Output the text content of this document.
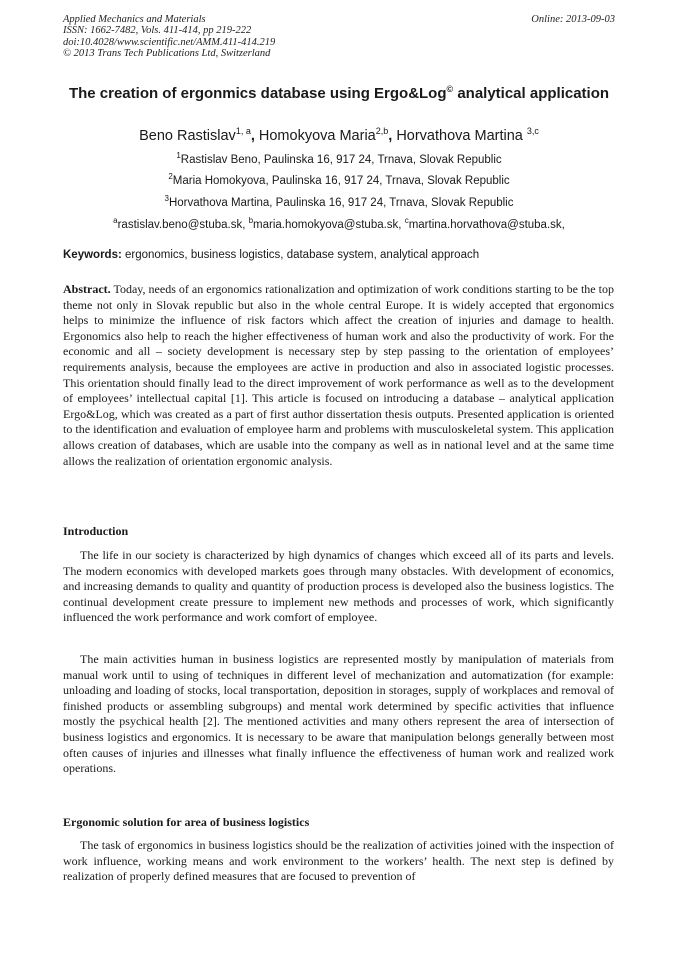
Applied Mechanics and Materials
ISSN: 1662-7482, Vols. 411-414, pp 219-222
doi:10.4028/www.scientific.net/AMM.411-414.219
© 2013 Trans Tech Publications Ltd, Switzerland
Online: 2013-09-03
The creation of ergonmics database using Ergo&Log© analytical application
Beno Rastislav$^{1, a}$, Homokyova Maria$^{2,b}$, Horvathova Martina $^{3,c}$
$^1$Rastislav Beno, Paulinska 16, 917 24, Trnava, Slovak Republic
$^2$Maria Homokyova, Paulinska 16, 917 24, Trnava, Slovak Republic
$^3$Horvathova Martina, Paulinska 16, 917 24, Trnava, Slovak Republic
$^a$rastislav.beno@stuba.sk, $^b$maria.homokyova@stuba.sk, $^c$martina.horvathova@stuba.sk,
Keywords: ergonomics, business logistics, database system, analytical approach
Abstract. Today, needs of an ergonomics rationalization and optimization of work conditions starting to be the top theme not only in Slovak republic but also in the whole central Europe. It is widely accepted that ergonomics helps to minimize the influence of risk factors which affect the creation of injuries and damage to health. Ergonomics also help to reach the higher effectiveness of human work and also the productivity of work. For the economic and all – society development is necessary step by step passing to the orientation of employees’ requirements analysis, because the employees are active in production and also in associated logistic processes. This orientation should finally lead to the direct improvement of work performance as well as to the development of employees’ intellectual capital [1]. This article is focused on introducing a database – analytical application Ergo&Log, which was created as a part of first author dissertation thesis outputs. Presented application is oriented to the identification and evaluation of employee harm and problems with musculoskeletal system. This application allows creation of databases, which are usable into the company as well as in national level and at the same time allows the realization of orientation ergonomic analysis.
Introduction
The life in our society is characterized by high dynamics of changes which exceed all of its parts and levels. The modern economics with developed markets goes through many obstacles. With development of economics, and increasing demands to quality and quantity of production process is developed also the business logistics. The continual development create pressure to implement new methods and processes of work, which significantly influenced the work performance and work comfort of employee.
The main activities human in business logistics are represented mostly by manipulation of materials from manual work until to using of techniques in different level of mechanization and automatization (for example: unloading and loading of stocks, local transportation, deposition in storages, supply of workplaces and removal of finished products or assembling subgroups) and mental work determined by specific activities that influence mostly the psychical health [2]. The mentioned activities and many others represent the area of intersection of business logistics and ergonomics. It is necessary to be aware that manipulation belongs generally between most often causes of injuries and illnesses what finally influence the effectiveness of human work and realized work operations.
Ergonomic solution for area of business logistics
The task of ergonomics in business logistics should be the realization of activities joined with the inspection of work influence, working means and work environment to the workers’ health. The next step is defined by realization of properly defined measures that are focused to prevention of
